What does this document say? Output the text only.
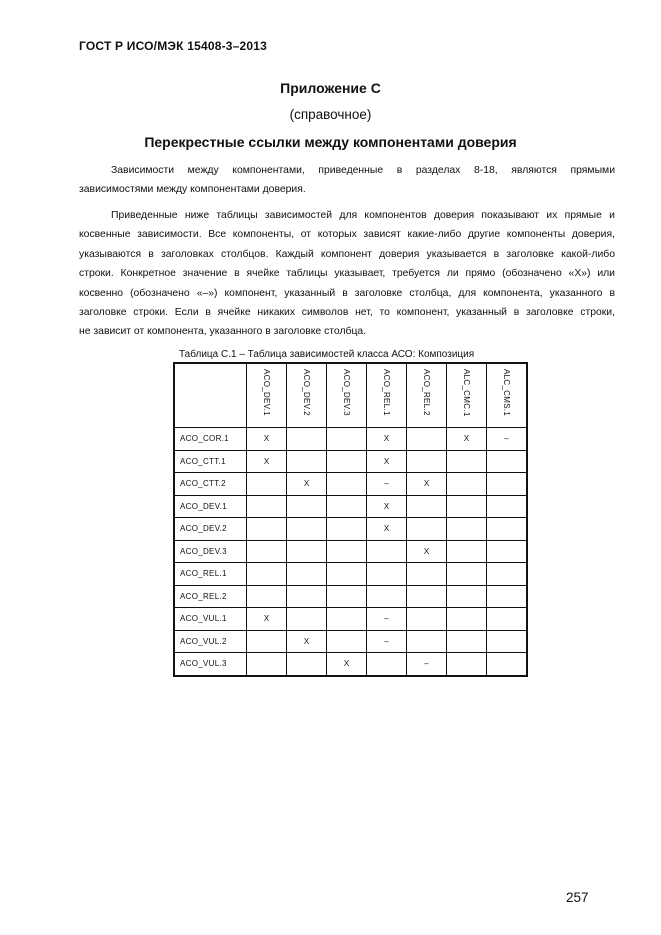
ГОСТ Р ИСО/МЭК 15408-3–2013
Приложение С
(справочное)
Перекрестные ссылки между компонентами доверия

Зависимости между компонентами, приведенные в разделах 8-18, являются прямыми
зависимостями между компонентами доверия.

Приведенные ниже таблицы зависимостей для компонентов доверия показывают их прямые и
косвенные зависимости. Все компоненты, от которых зависят какие-либо другие компоненты доверия,
указываются в заголовках столбцов. Каждый компонент доверия указывается в заголовке какой-либо
строки. Конкретное значение в ячейке таблицы указывает, требуется ли прямо (обозначено «Х») или
косвенно (обозначено «–») компонент, указанный в заголовке столбца, для компонента, указанного в
заголовке строки. Если в ячейке никаких символов нет, то компонент, указанный в заголовке строки,
не зависит от компонента, указанного в заголовке столбца.

Таблица С.1 – Таблица зависимостей класса АСО: Композиция
	ACO_DEV.1	ACO_DEV.2	ACO_DEV.3	ACO_REL.1	ACO_REL.2	ALC_CMC.1	ALC_CMS.1
ACO_COR.1	X			X		X	–
ACO_CTT.1	X			X			
ACO_CTT.2		X		–	X		
ACO_DEV.1				X			
ACO_DEV.2				X			
ACO_DEV.3					X		
ACO_REL.1							
ACO_REL.2							
ACO_VUL.1	X			–			
ACO_VUL.2		X		–			
ACO_VUL.3			X		–		
257
